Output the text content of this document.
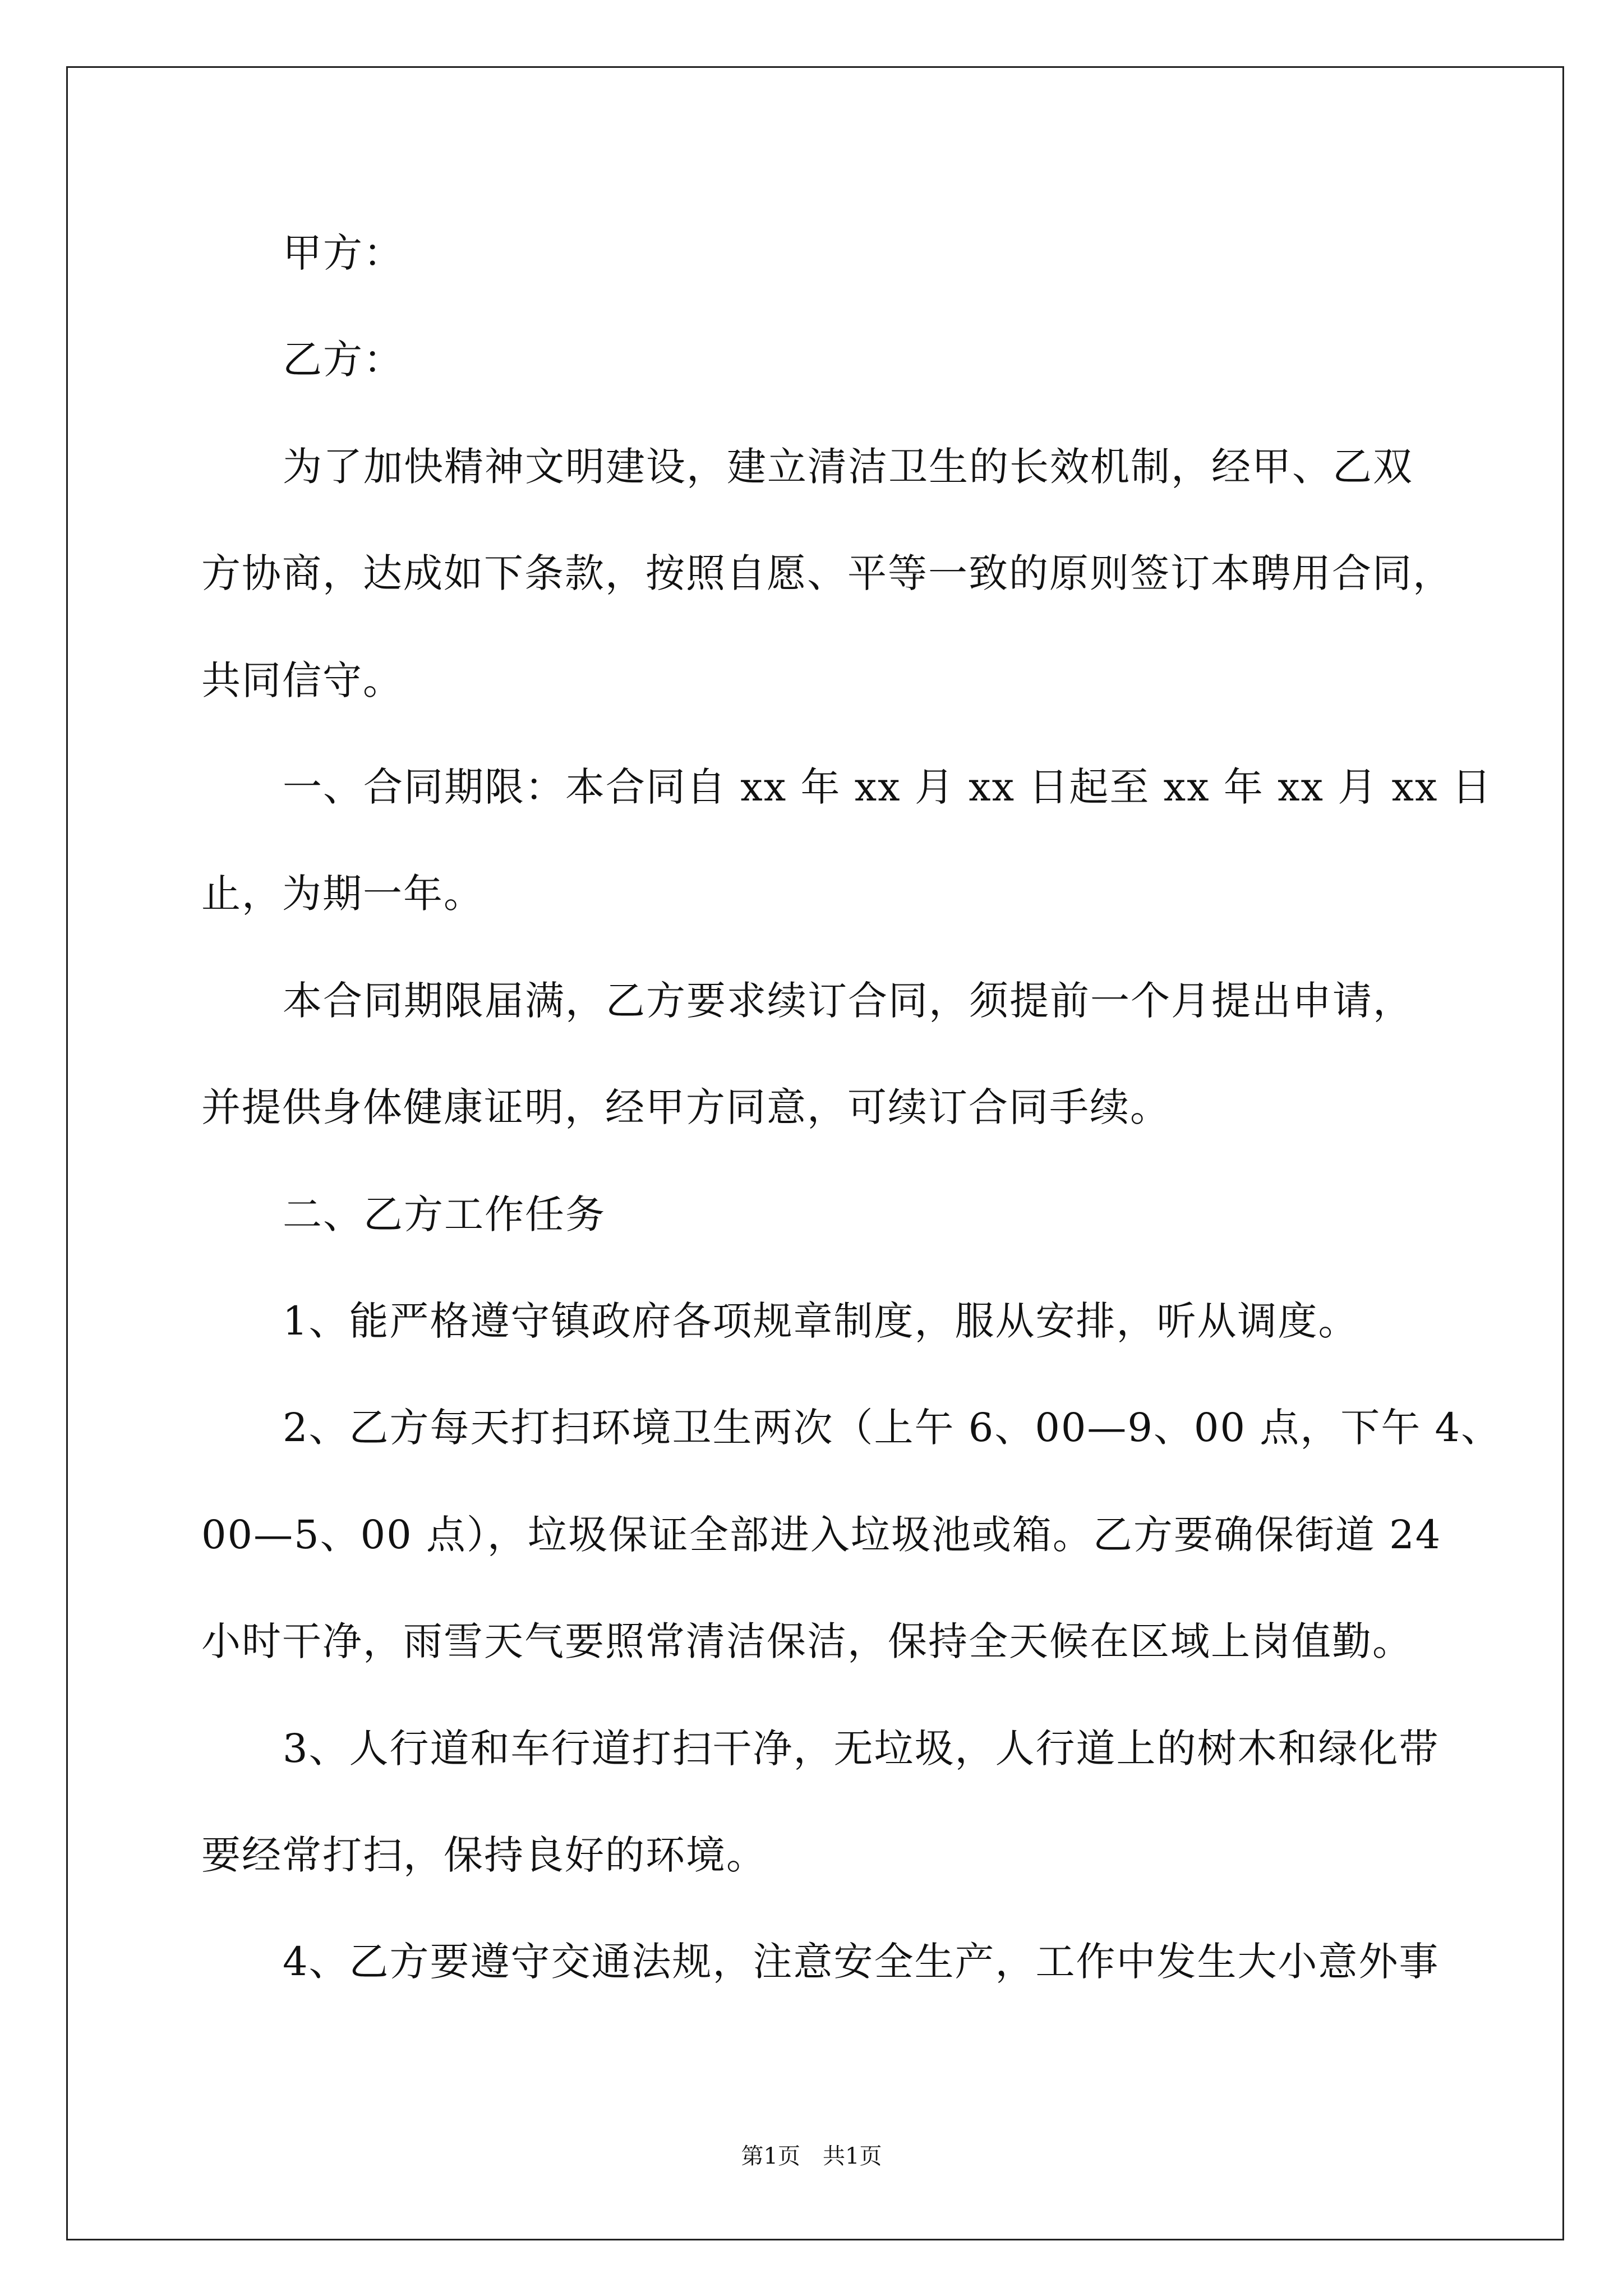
甲方：
乙方：
为了加快精神文明建设，建立清洁卫生的长效机制，经甲、乙双
方协商，达成如下条款，按照自愿、平等一致的原则签订本聘用合同，
共同信守。
一、合同期限：本合同自 xx 年 xx 月 xx 日起至 xx 年 xx 月 xx 日
止，为期一年。
本合同期限届满，乙方要求续订合同，须提前一个月提出申请，
并提供身体健康证明，经甲方同意，可续订合同手续。
二、乙方工作任务
1、能严格遵守镇政府各项规章制度，服从安排，听从调度。
2、乙方每天打扫环境卫生两次（上午 6、00—9、00 点，下午 4、
00—5、00 点），垃圾保证全部进入垃圾池或箱。乙方要确保街道 24
小时干净，雨雪天气要照常清洁保洁，保持全天候在区域上岗值勤。
3、人行道和车行道打扫干净，无垃圾，人行道上的树木和绿化带
要经常打扫，保持良好的环境。
4、乙方要遵守交通法规，注意安全生产，工作中发生大小意外事
第1页　共1页
